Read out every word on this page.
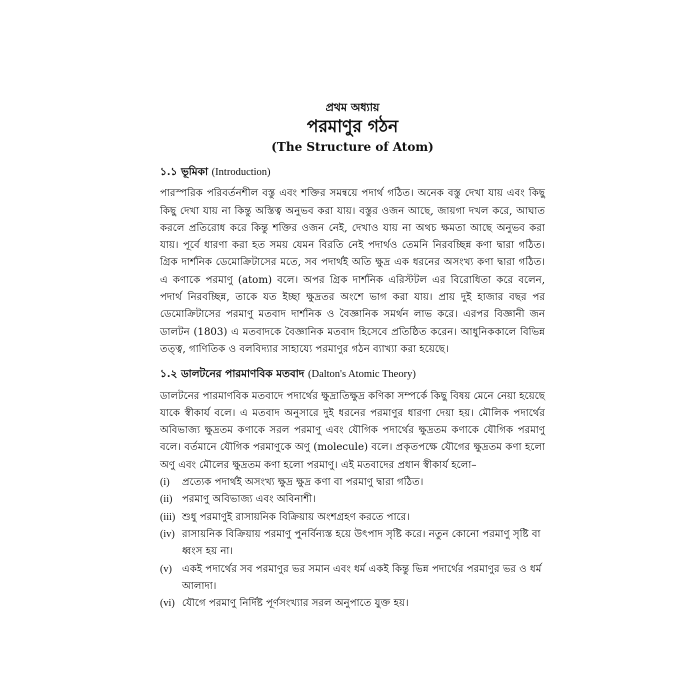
প্রথম অধ্যায়
পরমাণুর গঠন
(The Structure of Atom)
১.১ ভূমিকা (Introduction)
পারস্পরিক পরিবর্তনশীল বস্তু এবং শক্তির সমন্বয়ে পদার্থ গঠিত। অনেক বস্তু দেখা যায় এবং কিছু কিছু দেখা যায় না কিন্তু অস্তিত্ব অনুভব করা যায়। বস্তুর ওজন আছে, জায়গা দখল করে, আঘাত করলে প্রতিরোধ করে কিন্তু শক্তির ওজন নেই, দেখাও যায় না অথচ ক্ষমতা আছে অনুভব করা যায়। পূর্বে ধারণা করা হত সময় যেমন বিরতি নেই পদার্থও তেমনি নিরবচ্ছিন্ন কণা দ্বারা গঠিত। গ্রিক দার্শনিক ডেমোক্রিটাসের মতে, সব পদার্থই অতি ক্ষুদ্র এক ধরনের অসংখ্য কণা দ্বারা গঠিত। এ কণাকে পরমাণু (atom) বলে। অপর গ্রিক দার্শনিক এরিস্টটল এর বিরোধিতা করে বলেন, পদার্থ নিরবচ্ছিন্ন, তাকে যত ইচ্ছা ক্ষুদ্রতর অংশে ভাগ করা যায়। প্রায় দুই হাজার বছর পর ডেমোক্রিটাসের পরমাণু মতবাদ দার্শনিক ও বৈজ্ঞানিক সমর্থন লাভ করে। এরপর বিজ্ঞানী জন ডালটন (1803) এ মতবাদকে বৈজ্ঞানিক মতবাদ হিসেবে প্রতিষ্ঠিত করেন। আধুনিককালে বিভিন্ন তত্ত্ব, গাণিতিক ও বলবিদ্যার সাহায্যে পরমাণুর গঠন ব্যাখ্যা করা হয়েছে।
১.২ ডালটনের পারমাণবিক মতবাদ (Dalton's Atomic Theory)
ডালটনের পারমাণবিক মতবাদে পদার্থের ক্ষুদ্রাতিক্ষুদ্র কণিকা সম্পর্কে কিছু বিষয় মেনে নেয়া হয়েছে যাকে স্বীকার্য বলে। এ মতবাদ অনুসারে দুই ধরনের পরমাণুর ধারণা দেয়া হয়। মৌলিক পদার্থের অবিভাজ্য ক্ষুদ্রতম কণাকে সরল পরমাণু এবং যৌগিক পদার্থের ক্ষুদ্রতম কণাকে যৌগিক পরমাণু বলে। বর্তমানে যৌগিক পরমাণুকে অণু (molecule) বলে। প্রকৃতপক্ষে যৌগের ক্ষুদ্রতম কণা হলো অণু এবং মৌলের ক্ষুদ্রতম কণা হলো পরমাণু। এই মতবাদের প্রধান স্বীকার্য হলো–
(i) প্রত্যেক পদার্থই অসংখ্য ক্ষুদ্র ক্ষুদ্র কণা বা পরমাণু দ্বারা গঠিত।
(ii) পরমাণু অবিভাজ্য এবং অবিনাশী।
(iii) শুধু পরমাণুই রাসায়নিক বিক্রিয়ায় অংশগ্রহণ করতে পারে।
(iv) রাসায়নিক বিক্রিয়ায় পরমাণু পুনর্বিন্যস্ত হয়ে উৎপাদ সৃষ্টি করে। নতুন কোনো পরমাণু সৃষ্টি বা ধ্বংস হয় না।
(v) একই পদার্থের সব পরমাণুর ভর সমান এবং ধর্ম একই কিন্তু ভিন্ন পদার্থের পরমাণুর ভর ও ধর্ম আলাদা।
(vi) যৌগে পরমাণু নির্দিষ্ট পূর্ণসংখ্যার সরল অনুপাতে যুক্ত হয়।
